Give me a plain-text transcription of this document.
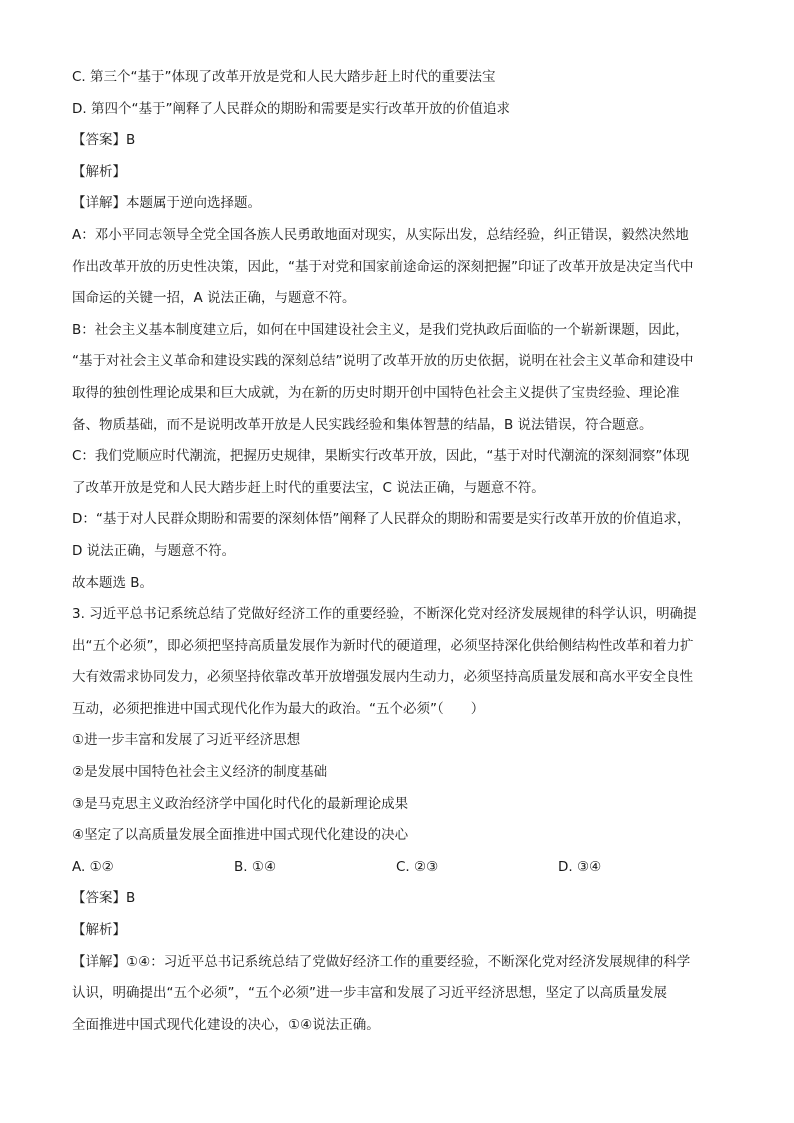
C. 第三个“基于”体现了改革开放是党和人民大踏步赶上时代的重要法宝
D. 第四个“基于”阐释了人民群众的期盼和需要是实行改革开放的价值追求
【答案】B
【解析】
【详解】本题属于逆向选择题。
A：邓小平同志领导全党全国各族人民勇敢地面对现实，从实际出发，总结经验，纠正错误，毅然决然地
作出改革开放的历史性决策，因此，“基于对党和国家前途命运的深刻把握”印证了改革开放是决定当代中
国命运的关键一招，A 说法正确，与题意不符。
B：社会主义基本制度建立后，如何在中国建设社会主义，是我们党执政后面临的一个崭新课题，因此，
“基于对社会主义革命和建设实践的深刻总结”说明了改革开放的历史依据，说明在社会主义革命和建设中
取得的独创性理论成果和巨大成就，为在新的历史时期开创中国特色社会主义提供了宝贵经验、理论准
备、物质基础，而不是说明改革开放是人民实践经验和集体智慧的结晶，B 说法错误，符合题意。
C：我们党顺应时代潮流，把握历史规律，果断实行改革开放，因此，“基于对时代潮流的深刻洞察”体现
了改革开放是党和人民大踏步赶上时代的重要法宝，C 说法正确，与题意不符。
D：“基于对人民群众期盼和需要的深刻体悟”阐释了人民群众的期盼和需要是实行改革开放的价值追求，
D 说法正确，与题意不符。
故本题选 B。
3. 习近平总书记系统总结了党做好经济工作的重要经验，不断深化党对经济发展规律的科学认识，明确提
出“五个必须”，即必须把坚持高质量发展作为新时代的硬道理，必须坚持深化供给侧结构性改革和着力扩
大有效需求协同发力，必须坚持依靠改革开放增强发展内生动力，必须坚持高质量发展和高水平安全良性
互动，必须把推进中国式现代化作为最大的政治。“五个必须”（　　）
①进一步丰富和发展了习近平经济思想
②是发展中国特色社会主义经济的制度基础
③是马克思主义政治经济学中国化时代化的最新理论成果
④坚定了以高质量发展全面推进中国式现代化建设的决心
A. ①②	B. ①④	C. ②③	D. ③④
【答案】B
【解析】
【详解】①④：习近平总书记系统总结了党做好经济工作的重要经验，不断深化党对经济发展规律的科学
认识，明确提出“五个必须”，“五个必须”进一步丰富和发展了习近平经济思想，坚定了以高质量发展
全面推进中国式现代化建设的决心，①④说法正确。
